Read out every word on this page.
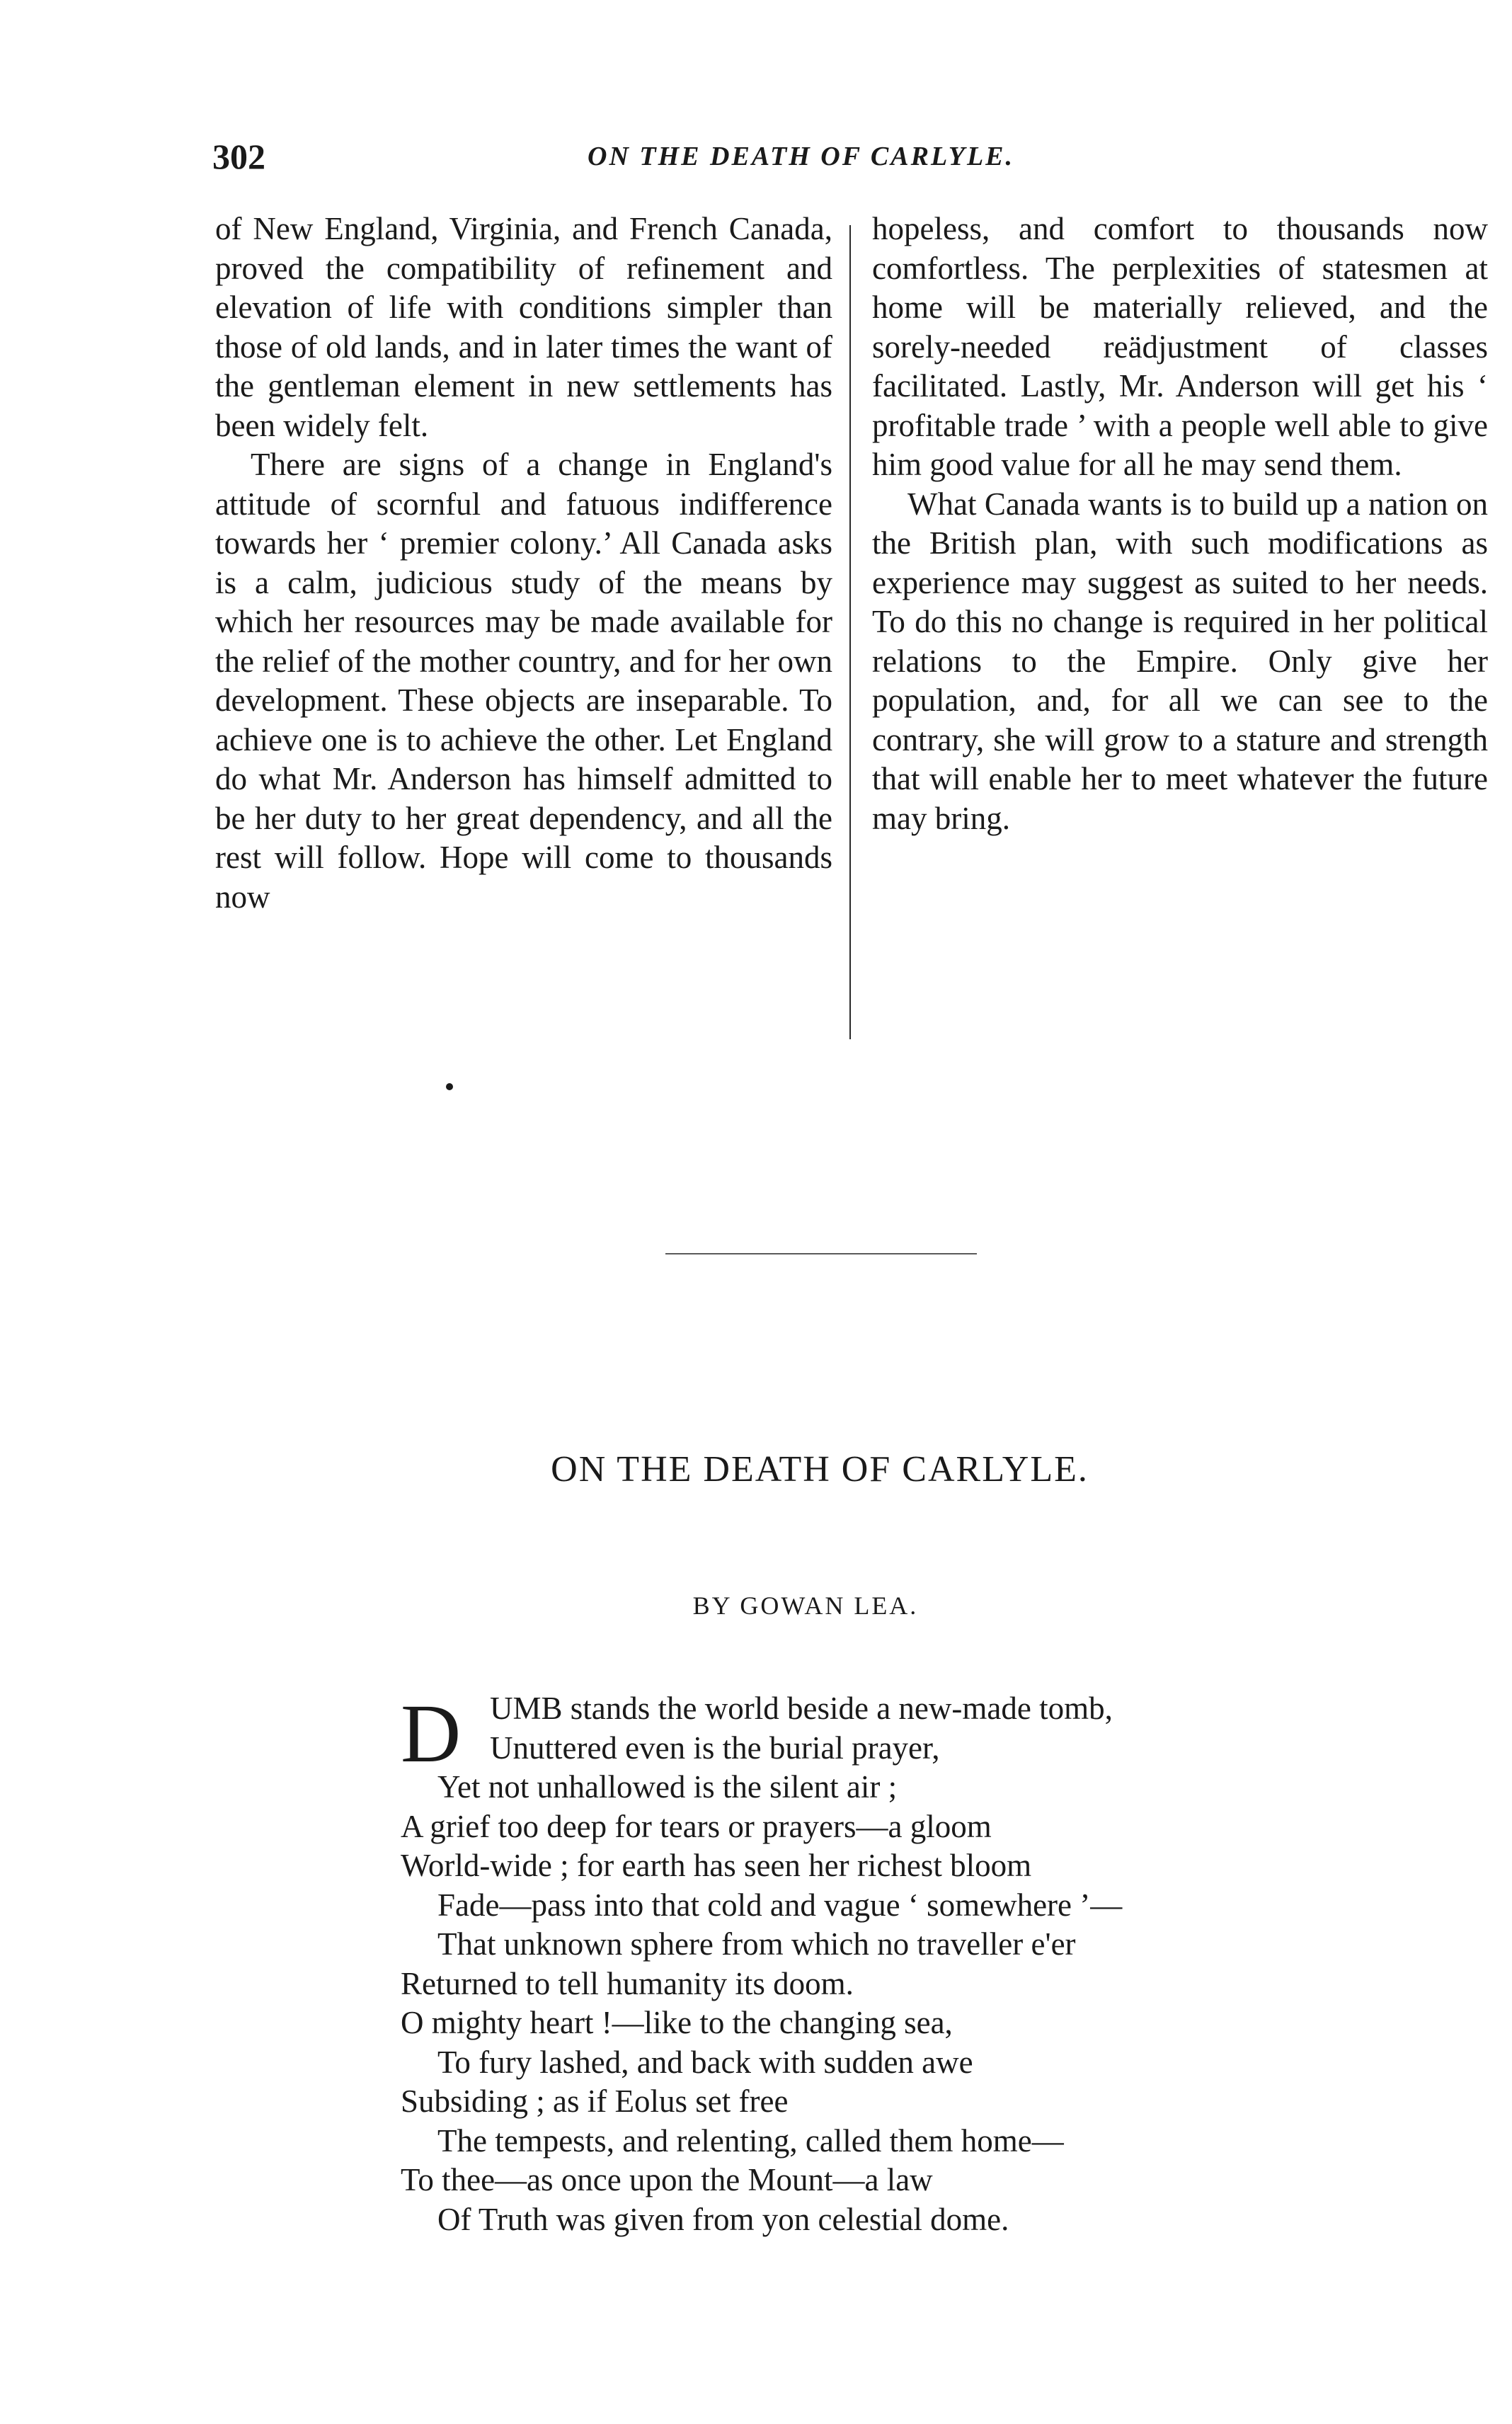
302	ON THE DEATH OF CARLYLE.

of New England, Virginia, and French Canada, proved the compatibility of refinement and elevation of life with conditions simpler than those of old lands, and in later times the want of the gentleman element in new settlements has been widely felt.

There are signs of a change in England's attitude of scornful and fatuous indifference towards her ‘ premier colony.’ All Canada asks is a calm, judicious study of the means by which her resources may be made available for the relief of the mother country, and for her own development. These objects are inseparable. To achieve one is to achieve the other. Let England do what Mr. Anderson has himself admitted to be her duty to her great dependency, and all the rest will follow. Hope will come to thousands now

hopeless, and comfort to thousands now comfortless. The perplexities of statesmen at home will be materially relieved, and the sorely-needed reädjustment of classes facilitated. Lastly, Mr. Anderson will get his ‘ profitable trade ’ with a people well able to give him good value for all he may send them.

What Canada wants is to build up a nation on the British plan, with such modifications as experience may suggest as suited to her needs. To do this no change is required in her political relations to the Empire. Only give her population, and, for all we can see to the contrary, she will grow to a stature and strength that will enable her to meet whatever the future may bring.

ON THE DEATH OF CARLYLE.
BY GOWAN LEA.
D UMB stands the world beside a new-made tomb,
Unuttered even is the burial prayer,
Yet not unhallowed is the silent air ;
A grief too deep for tears or prayers—a gloom
World-wide ; for earth has seen her richest bloom
Fade—pass into that cold and vague ‘ somewhere ’—
That unknown sphere from which no traveller e'er
Returned to tell humanity its doom.
O mighty heart !—like to the changing sea,
To fury lashed, and back with sudden awe
Subsiding ; as if Eolus set free
The tempests, and relenting, called them home—
To thee—as once upon the Mount—a law
Of Truth was given from yon celestial dome.
